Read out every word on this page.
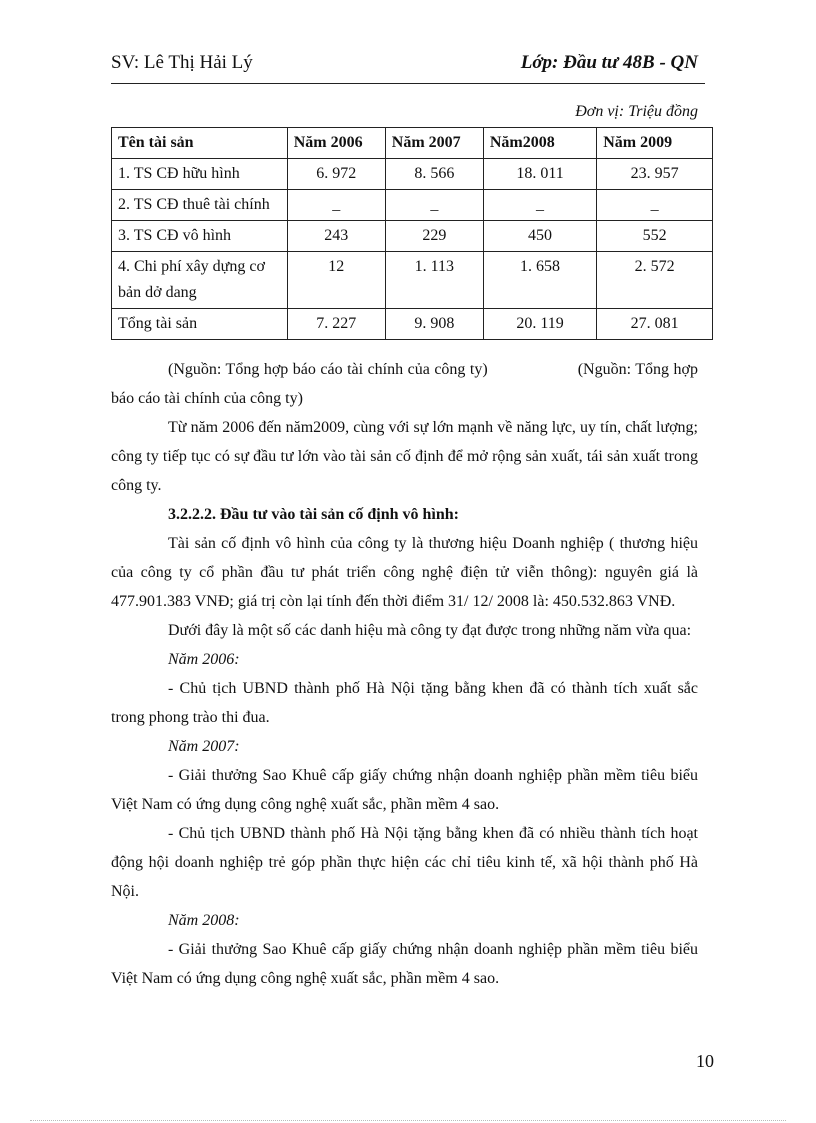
SV: Lê Thị Hải Lý	Lớp: Đầu tư 48B - QN
Đơn vị: Triệu đồng
Tên tài sản	Năm 2006	Năm 2007	Năm2008	Năm 2009
1. TS CĐ hữu hình	6. 972	8. 566	18. 011	23. 957
2. TS CĐ thuê tài chính	_	_	_	_
3. TS CĐ vô hình	243	229	450	552
4. Chi phí xây dựng cơ bản dở dang	12	1. 113	1. 658	2. 572
Tổng tài sản	7. 227	9. 908	20. 119	27. 081

(Nguồn: Tổng hợp báo cáo tài chính của công ty)                    (Nguồn: Tổng hợp báo cáo tài chính của công ty)

Từ năm 2006 đến năm2009, cùng với sự lớn mạnh về năng lực, uy tín, chất lượng; công ty tiếp tục có sự đầu tư lớn vào tài sản cố định để mở rộng sản xuất, tái sản xuất trong công ty.

3.2.2.2. Đầu tư vào tài sản cố định vô hình:

Tài sản cố định vô hình của công ty là thương hiệu Doanh nghiệp ( thương hiệu của công ty cổ phần đầu tư phát triển công nghệ điện tử viễn thông): nguyên giá là 477.901.383 VNĐ; giá trị còn lại tính đến thời điểm 31/ 12/ 2008 là: 450.532.863 VNĐ.

Dưới đây là một số các danh hiệu mà công ty đạt được trong những năm vừa qua:

Năm 2006:

- Chủ tịch UBND thành phố Hà Nội tặng bằng khen đã có thành tích xuất sắc trong phong trào thi đua.

Năm 2007:

- Giải thưởng Sao Khuê cấp giấy chứng nhận doanh nghiệp phần mềm tiêu biểu Việt Nam có ứng dụng công nghệ xuất sắc, phần mềm 4 sao.

- Chủ tịch UBND thành phố Hà Nội tặng bằng khen đã có nhiều thành tích hoạt động hội doanh nghiệp trẻ góp phần thực hiện các chỉ tiêu kinh tế, xã hội thành phố Hà Nội.

Năm 2008:

- Giải thưởng Sao Khuê cấp giấy chứng nhận doanh nghiệp phần mềm tiêu biểu Việt Nam có ứng dụng công nghệ xuất sắc, phần mềm 4 sao.

10
